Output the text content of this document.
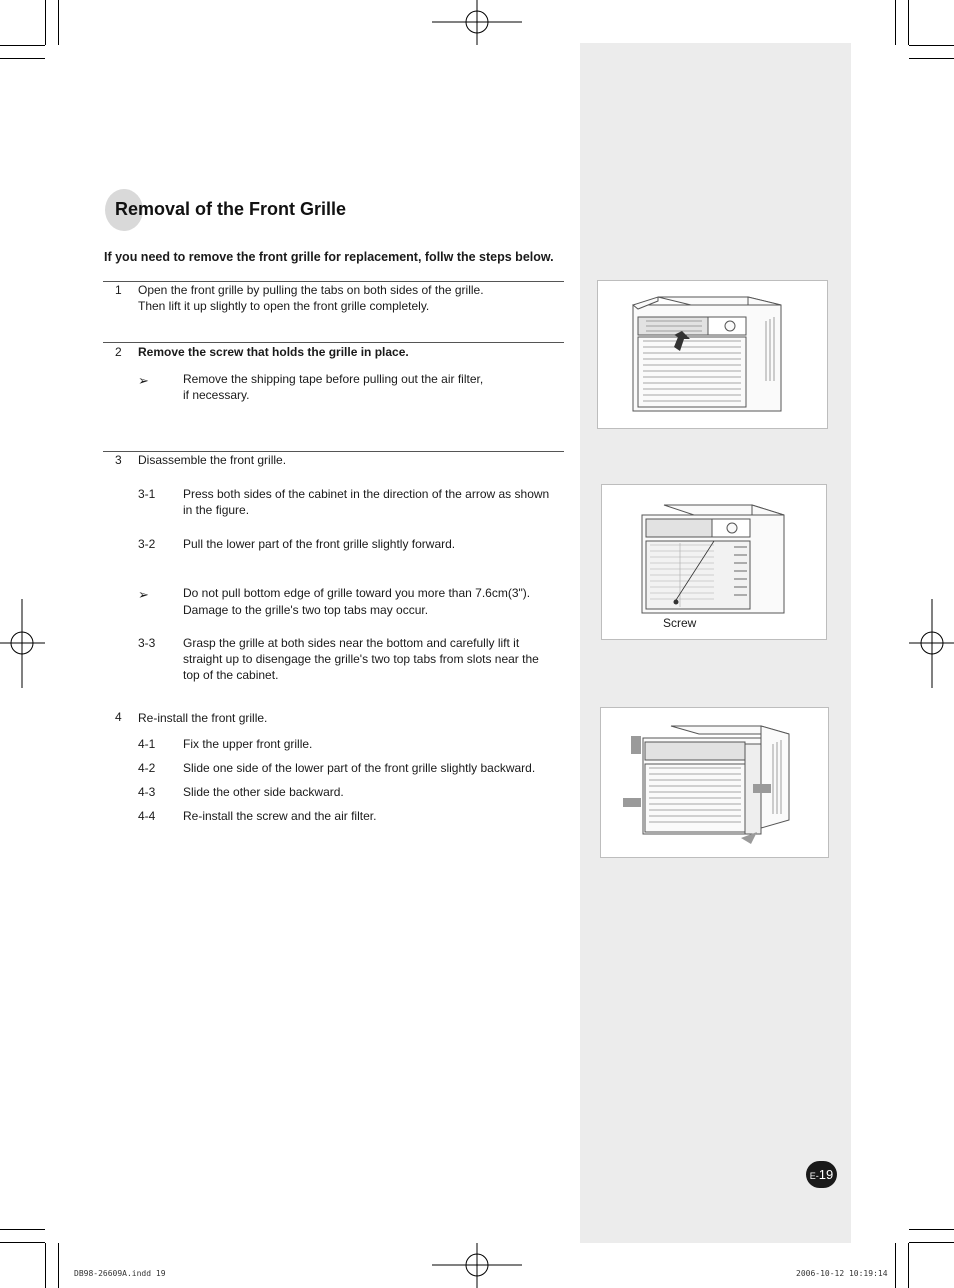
Removal of the Front Grille
If you need to remove the front grille for replacement, follw the steps below.
1 Open the front grille by pulling the tabs on both sides of the grille.
Then lift it up slightly to open the front grille completely.
2 Remove the screw that holds the grille in place.
➢	Remove the shipping tape before pulling out the air filter,
if necessary.
3 Disassemble the front grille.
3-1 Press both sides of the cabinet in the direction of the arrow as shown
in the figure.
3-2 Pull the lower part of the front grille slightly forward.
➢	Do not pull bottom edge of grille toward you more than 7.6cm(3").
Damage to the grille's two top tabs may occur.
3-3 Grasp the grille at both sides near the bottom and carefully lift it
straight up to disengage the grille's two top tabs from slots near the
top of the cabinet.
4 Re-install the front grille.
4-1 Fix the upper front grille.
4-2 Slide one side of the lower part of the front grille slightly backward.
4-3 Slide the other side backward.
4-4 Re-install the screw and the air filter.
Screw
E-19
DB98-26609A.indd 19	2006-10-12 10:19:14
